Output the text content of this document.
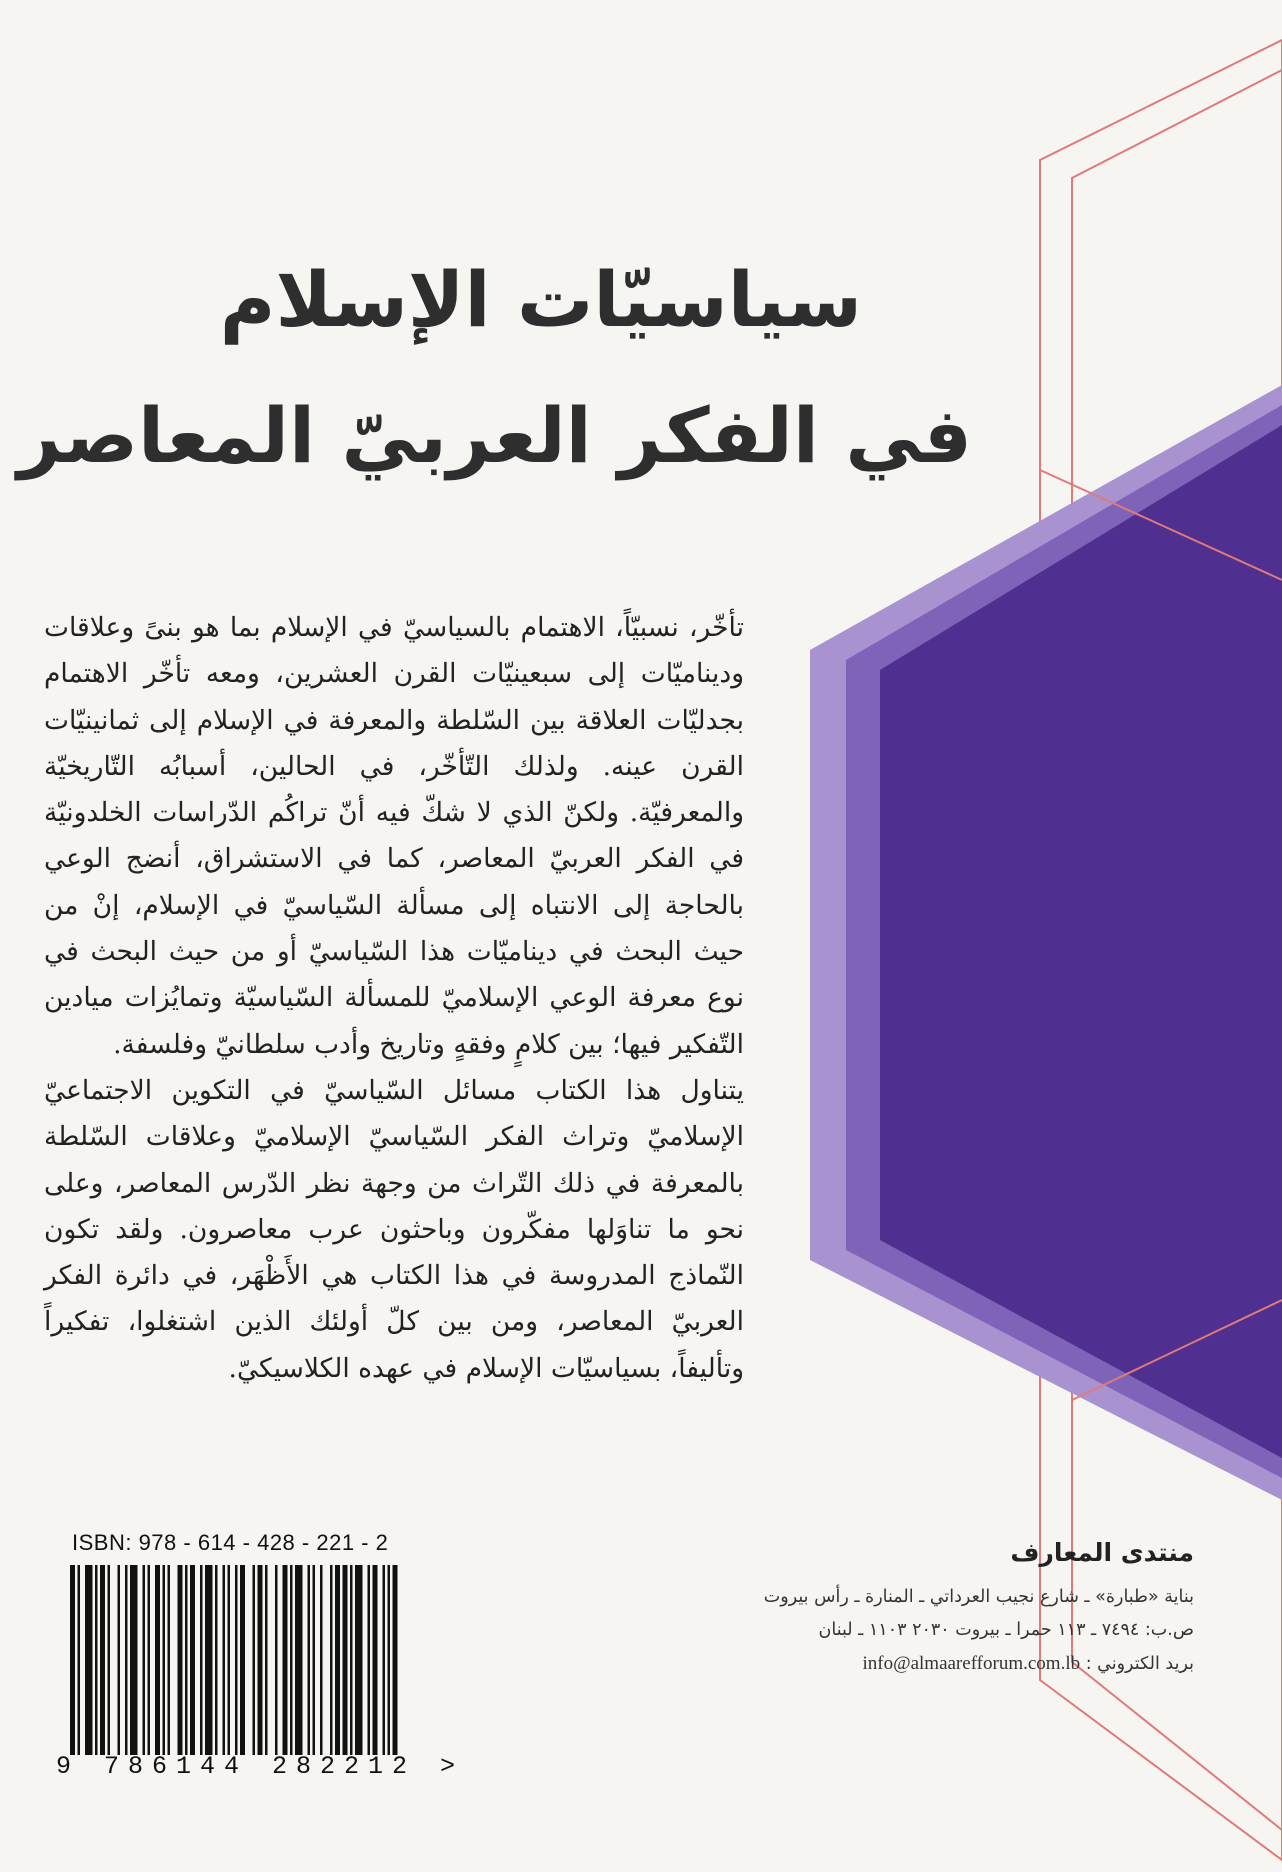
سياسيّات الإسلام
في الفكر العربيّ المعاصر

تأخّر، نسبيّاً، الاهتمام بالسياسيّ في الإسلام بما هو بنىً وعلاقات وديناميّات إلى سبعينيّات القرن العشرين، ومعه تأخّر الاهتمام بجدليّات العلاقة بين السّلطة والمعرفة في الإسلام إلى ثمانينيّات القرن عينه. ولذلك التّأخّر، في الحالين، أسبابُه التّاريخيّة والمعرفيّة. ولكنّ الذي لا شكّ فيه أنّ تراكُم الدّراسات الخلدونيّة في الفكر العربيّ المعاصر، كما في الاستشراق، أنضج الوعي بالحاجة إلى الانتباه إلى مسألة السّياسيّ في الإسلام، إنْ من حيث البحث في ديناميّات هذا السّياسيّ أو من حيث البحث في نوع معرفة الوعي الإسلاميّ للمسألة السّياسيّة وتمايُزات ميادين التّفكير فيها؛ بين كلامٍ وفقهٍ وتاريخ وأدب سلطانيّ وفلسفة.

يتناول هذا الكتاب مسائل السّياسيّ في التكوين الاجتماعيّ الإسلاميّ وتراث الفكر السّياسيّ الإسلاميّ وعلاقات السّلطة بالمعرفة في ذلك التّراث من وجهة نظر الدّرس المعاصر، وعلى نحو ما تناوَلها مفكّرون وباحثون عرب معاصرون. ولقد تكون النّماذج المدروسة في هذا الكتاب هي الأَظْهَر، في دائرة الفكر العربيّ المعاصر، ومن بين كلّ أولئك الذين اشتغلوا، تفكيراً وتأليفاً، بسياسيّات الإسلام في عهده الكلاسيكيّ.

ISBN: 978 - 614 - 428 - 221 - 2
9 786144 282212 >
منتدى المعارف
بناية «طبارة» ـ شارع نجيب العرداتي ـ المنارة ـ رأس بيروت
ص.ب: ٧٤٩٤ ـ ١١٣ حمرا ـ بيروت ٢٠٣٠ ١١٠٣ ـ لبنان
بريد الكتروني : info@almaarefforum.com.lb
